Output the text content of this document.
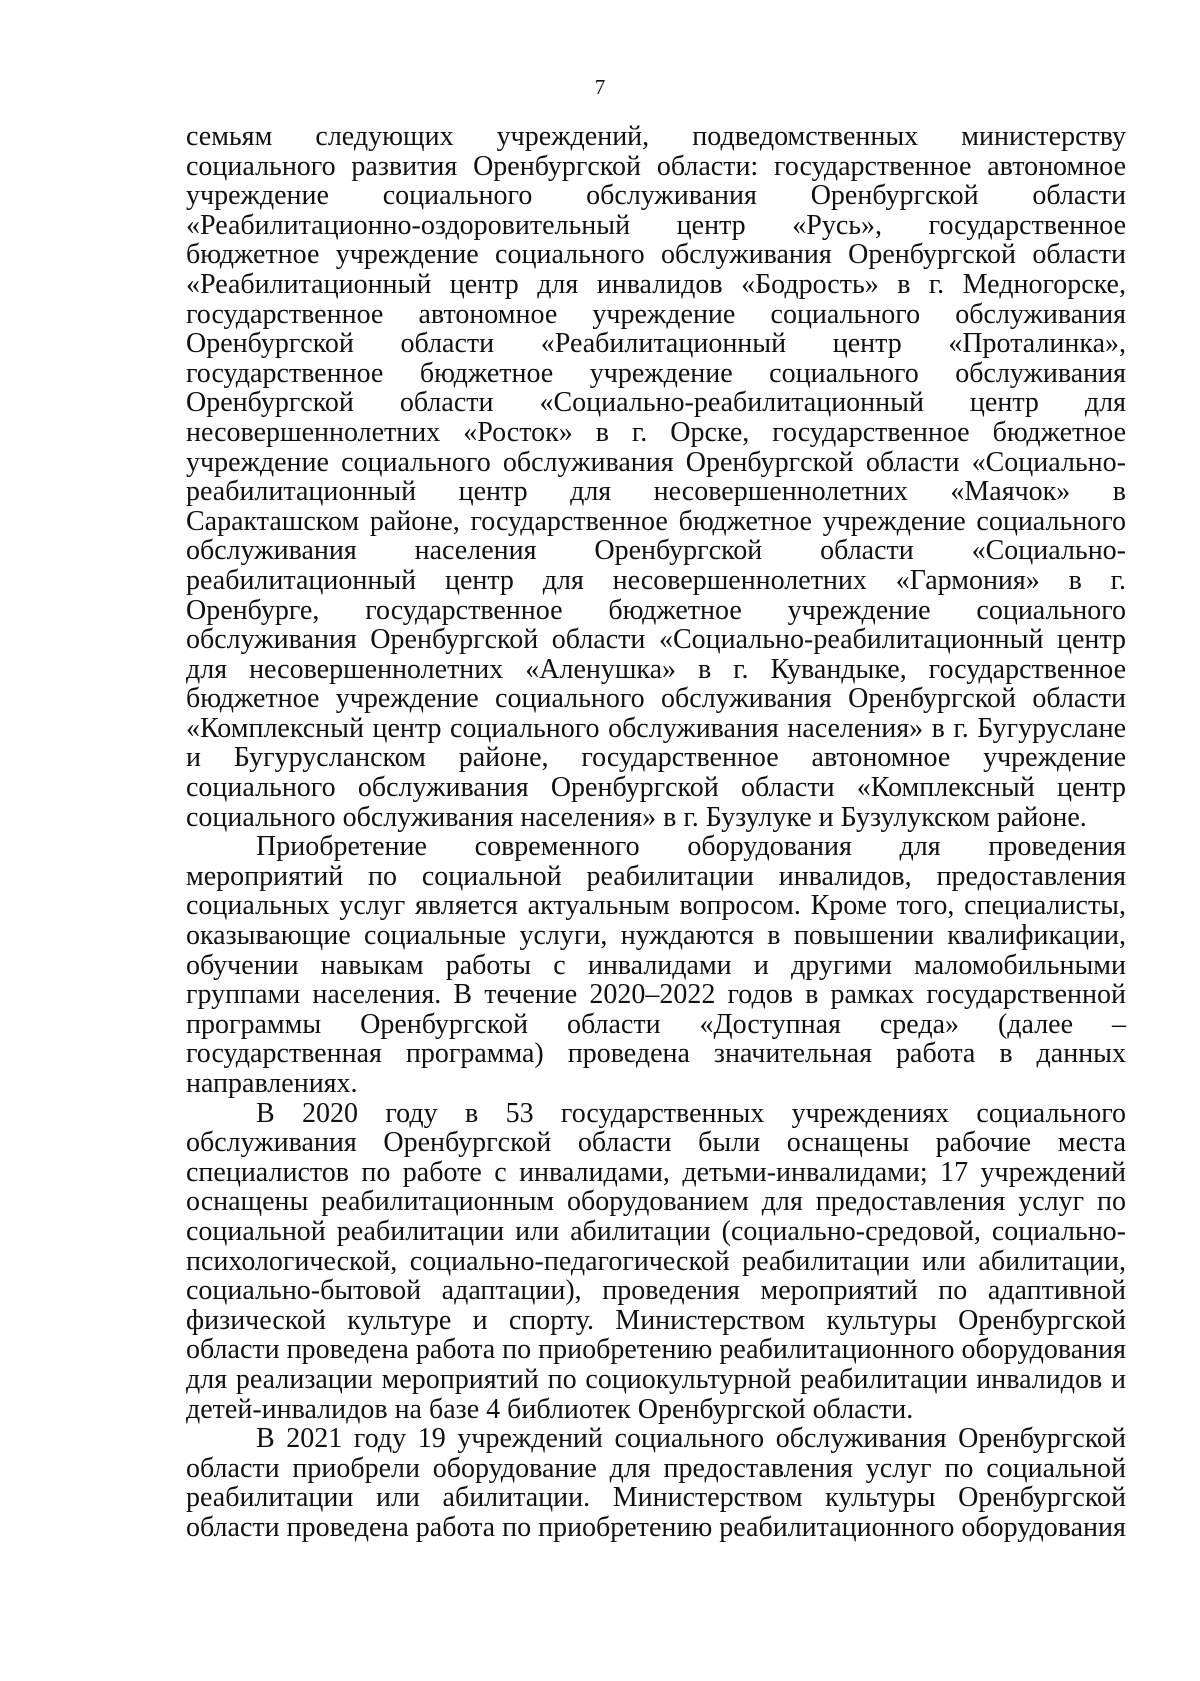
7

семьям следующих учреждений, подведомственных министерству социального развития Оренбургской области: государственное автономное учреждение социального обслуживания Оренбургской области «Реабилитационно-оздоровительный центр «Русь», государственное бюджетное учреждение социального обслуживания Оренбургской области «Реабилитационный центр для инвалидов «Бодрость» в г. Медногорске, государственное автономное учреждение социального обслуживания Оренбургской области «Реабилитационный центр «Проталинка», государственное бюджетное учреждение социального обслуживания Оренбургской области «Социально-реабилитационный центр для несовершеннолетних «Росток» в г. Орске, государственное бюджетное учреждение социального обслуживания Оренбургской области «Социально-реабилитационный центр для несовершеннолетних «Маячок» в Саракташском районе, государственное бюджетное учреждение социального обслуживания населения Оренбургской области «Социально-реабилитационный центр для несовершеннолетних «Гармония» в г. Оренбурге, государственное бюджетное учреждение социального обслуживания Оренбургской области «Социально-реабилитационный центр для несовершеннолетних «Аленушка» в г. Кувандыке, государственное бюджетное учреждение социального обслуживания Оренбургской области «Комплексный центр социального обслуживания населения» в г. Бугуруслане и Бугурусланском районе, государственное автономное учреждение социального обслуживания Оренбургской области «Комплексный центр социального обслуживания населения» в г. Бузулуке и Бузулукском районе.

Приобретение современного оборудования для проведения мероприятий по социальной реабилитации инвалидов, предоставления социальных услуг является актуальным вопросом. Кроме того, специалисты, оказывающие социальные услуги, нуждаются в повышении квалификации, обучении навыкам работы с инвалидами и другими маломобильными группами населения. В течение 2020–2022 годов в рамках государственной программы Оренбургской области «Доступная среда» (далее – государственная программа) проведена значительная работа в данных направлениях.

В 2020 году в 53 государственных учреждениях социального обслуживания Оренбургской области были оснащены рабочие места специалистов по работе с инвалидами, детьми-инвалидами; 17 учреждений оснащены реабилитационным оборудованием для предоставления услуг по социальной реабилитации или абилитации (социально-средовой, социально-психологической, социально-педагогической реабилитации или абилитации, социально-бытовой адаптации), проведения мероприятий по адаптивной физической культуре и спорту. Министерством культуры Оренбургской области проведена работа по приобретению реабилитационного оборудования для реализации мероприятий по социокультурной реабилитации инвалидов и детей-инвалидов на базе 4 библиотек Оренбургской области.

В 2021 году 19 учреждений социального обслуживания Оренбургской области приобрели оборудование для предоставления услуг по социальной реабилитации или абилитации. Министерством культуры Оренбургской области проведена работа по приобретению реабилитационного оборудования
